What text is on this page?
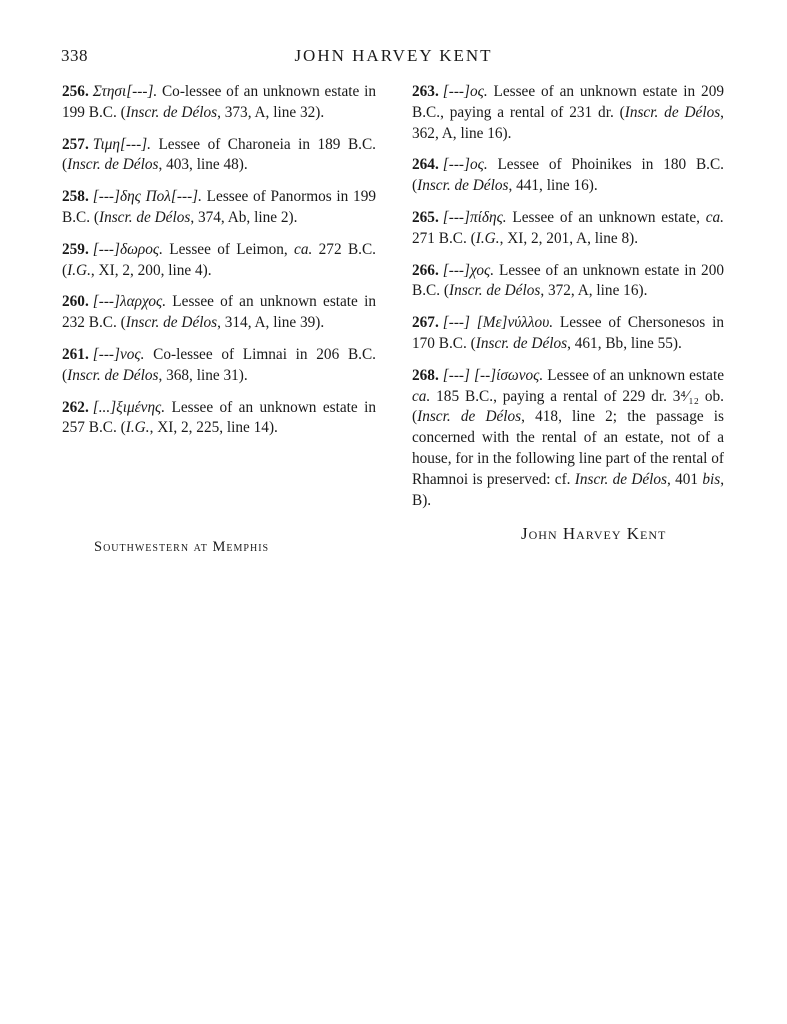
338	JOHN HARVEY KENT

256. Στησι[---]. Co-lessee of an unknown estate in 199 B.C. (Inscr. de Délos, 373, A, line 32).

257. Τιμη[---]. Lessee of Charoneia in 189 B.C. (Inscr. de Délos, 403, line 48).

258. [---]δης Πολ[---]. Lessee of Panormos in 199 B.C. (Inscr. de Délos, 374, Ab, line 2).

259. [---]δωρος. Lessee of Leimon, ca. 272 B.C. (I.G., XI, 2, 200, line 4).

260. [---]λαρχος. Lessee of an unknown estate in 232 B.C. (Inscr. de Délos, 314, A, line 39).

261. [---]νος. Co-lessee of Limnai in 206 B.C. (Inscr. de Délos, 368, line 31).

262. [...]ξιμένης. Lessee of an unknown estate in 257 B.C. (I.G., XI, 2, 225, line 14).

263. [---]ος. Lessee of an unknown estate in 209 B.C., paying a rental of 231 dr. (Inscr. de Délos, 362, A, line 16).

264. [---]ος. Lessee of Phoinikes in 180 B.C. (Inscr. de Délos, 441, line 16).

265. [---]πίδης. Lessee of an unknown estate, ca. 271 B.C. (I.G., XI, 2, 201, A, line 8).

266. [---]χος. Lessee of an unknown estate in 200 B.C. (Inscr. de Délos, 372, A, line 16).

267. [---] [Με]νύλλου. Lessee of Chersonesos in 170 B.C. (Inscr. de Délos, 461, Bb, line 55).

268. [---] [--]ίσωνος. Lessee of an unknown estate ca. 185 B.C., paying a rental of 229 dr. 3⁴⁄₁₂ ob. (Inscr. de Délos, 418, line 2; the passage is concerned with the rental of an estate, not of a house, for in the following line part of the rental of Rhamnoi is preserved: cf. Inscr. de Délos, 401 bis, B).

John Harvey Kent
Southwestern at Memphis
